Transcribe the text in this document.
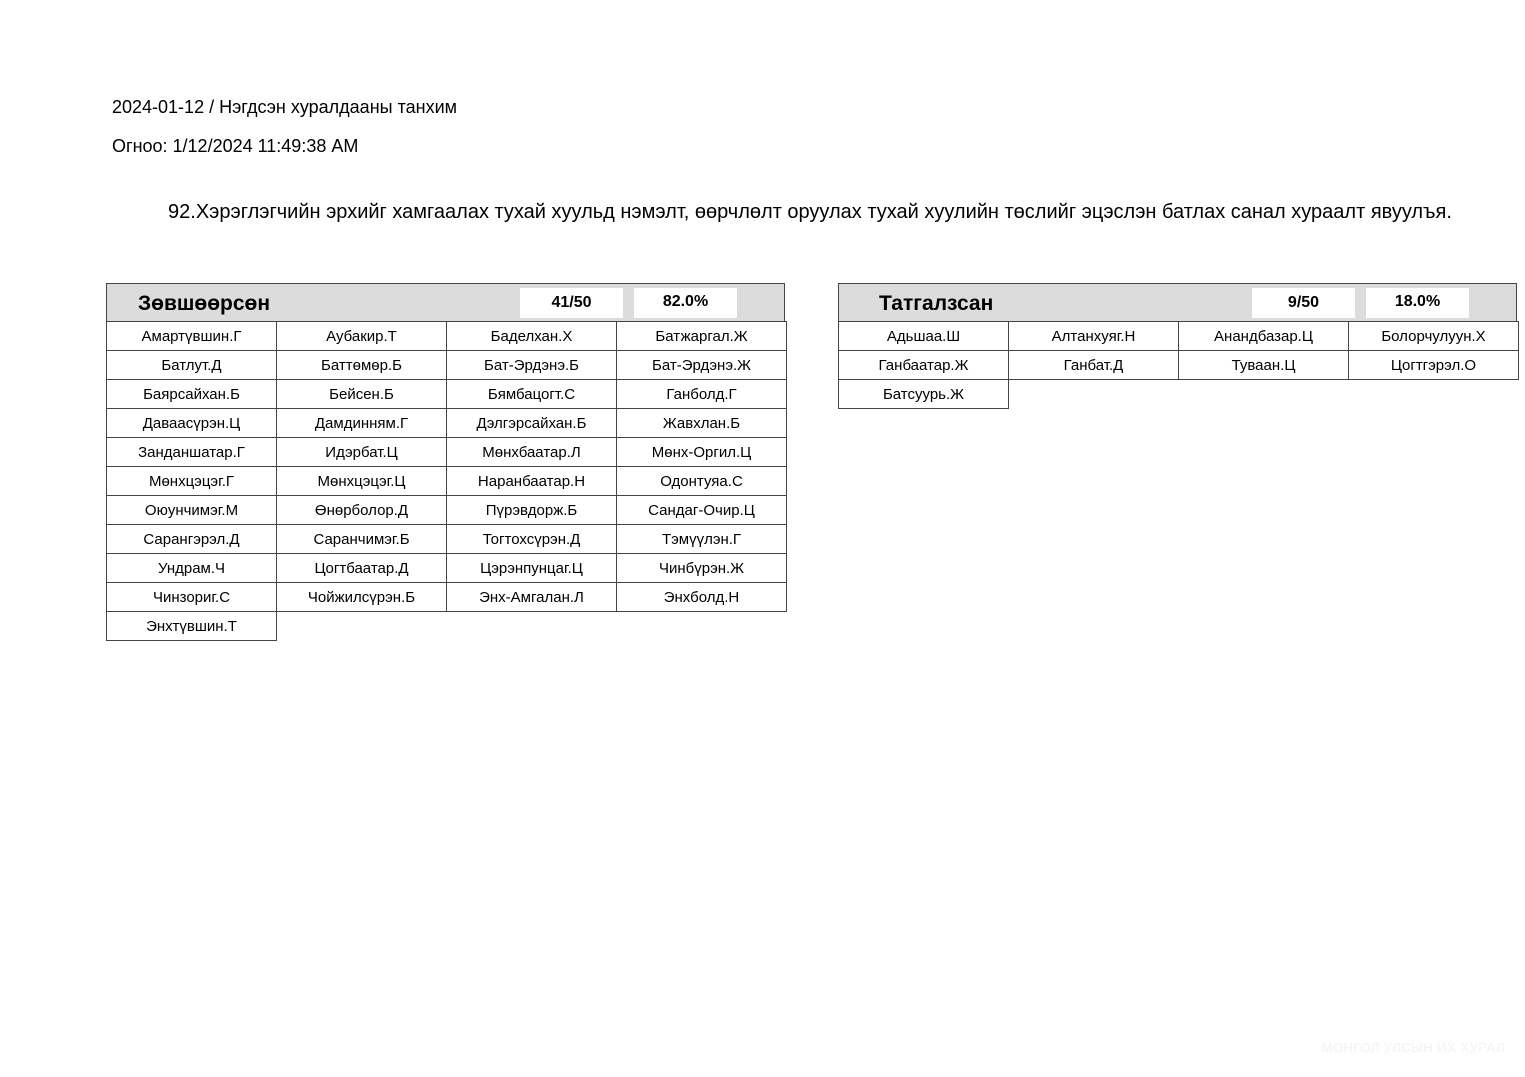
2024-01-12 / Нэгдсэн хуралдааны танхим
Огноо: 1/12/2024 11:49:38 AM
92.Хэрэглэгчийн эрхийг хамгаалах тухай хуульд нэмэлт, өөрчлөлт оруулах тухай хуулийн төслийг эцэслэн батлах санал хураалт явуулъя.
Зөвшөөрсөн	41/50	82.0%
Амартүвшин.Г	Аубакир.Т	Баделхан.Х	Батжаргал.Ж
Батлут.Д	Баттөмөр.Б	Бат-Эрдэнэ.Б	Бат-Эрдэнэ.Ж
Баярсайхан.Б	Бейсен.Б	Бямбацогт.С	Ганболд.Г
Даваасүрэн.Ц	Дамдинням.Г	Дэлгэрсайхан.Б	Жавхлан.Б
Занданшатар.Г	Идэрбат.Ц	Мөнхбаатар.Л	Мөнх-Оргил.Ц
Мөнхцэцэг.Г	Мөнхцэцэг.Ц	Наранбаатар.Н	Одонтуяа.С
Оюунчимэг.М	Өнөрболор.Д	Пүрэвдорж.Б	Сандаг-Очир.Ц
Сарангэрэл.Д	Саранчимэг.Б	Тогтохсүрэн.Д	Тэмүүлэн.Г
Ундрам.Ч	Цогтбаатар.Д	Цэрэнпунцаг.Ц	Чинбүрэн.Ж
Чинзориг.С	Чойжилсүрэн.Б	Энх-Амгалан.Л	Энхболд.Н
Энхтүвшин.Т
Татгалзсан	9/50	18.0%
Адьшаа.Ш	Алтанхуяг.Н	Анандбазар.Ц	Болорчулуун.Х
Ганбаатар.Ж	Ганбат.Д	Туваан.Ц	Цогтгэрэл.О
Батсуурь.Ж
МОНГОЛ УЛСЫН ИХ ХУРАЛ
